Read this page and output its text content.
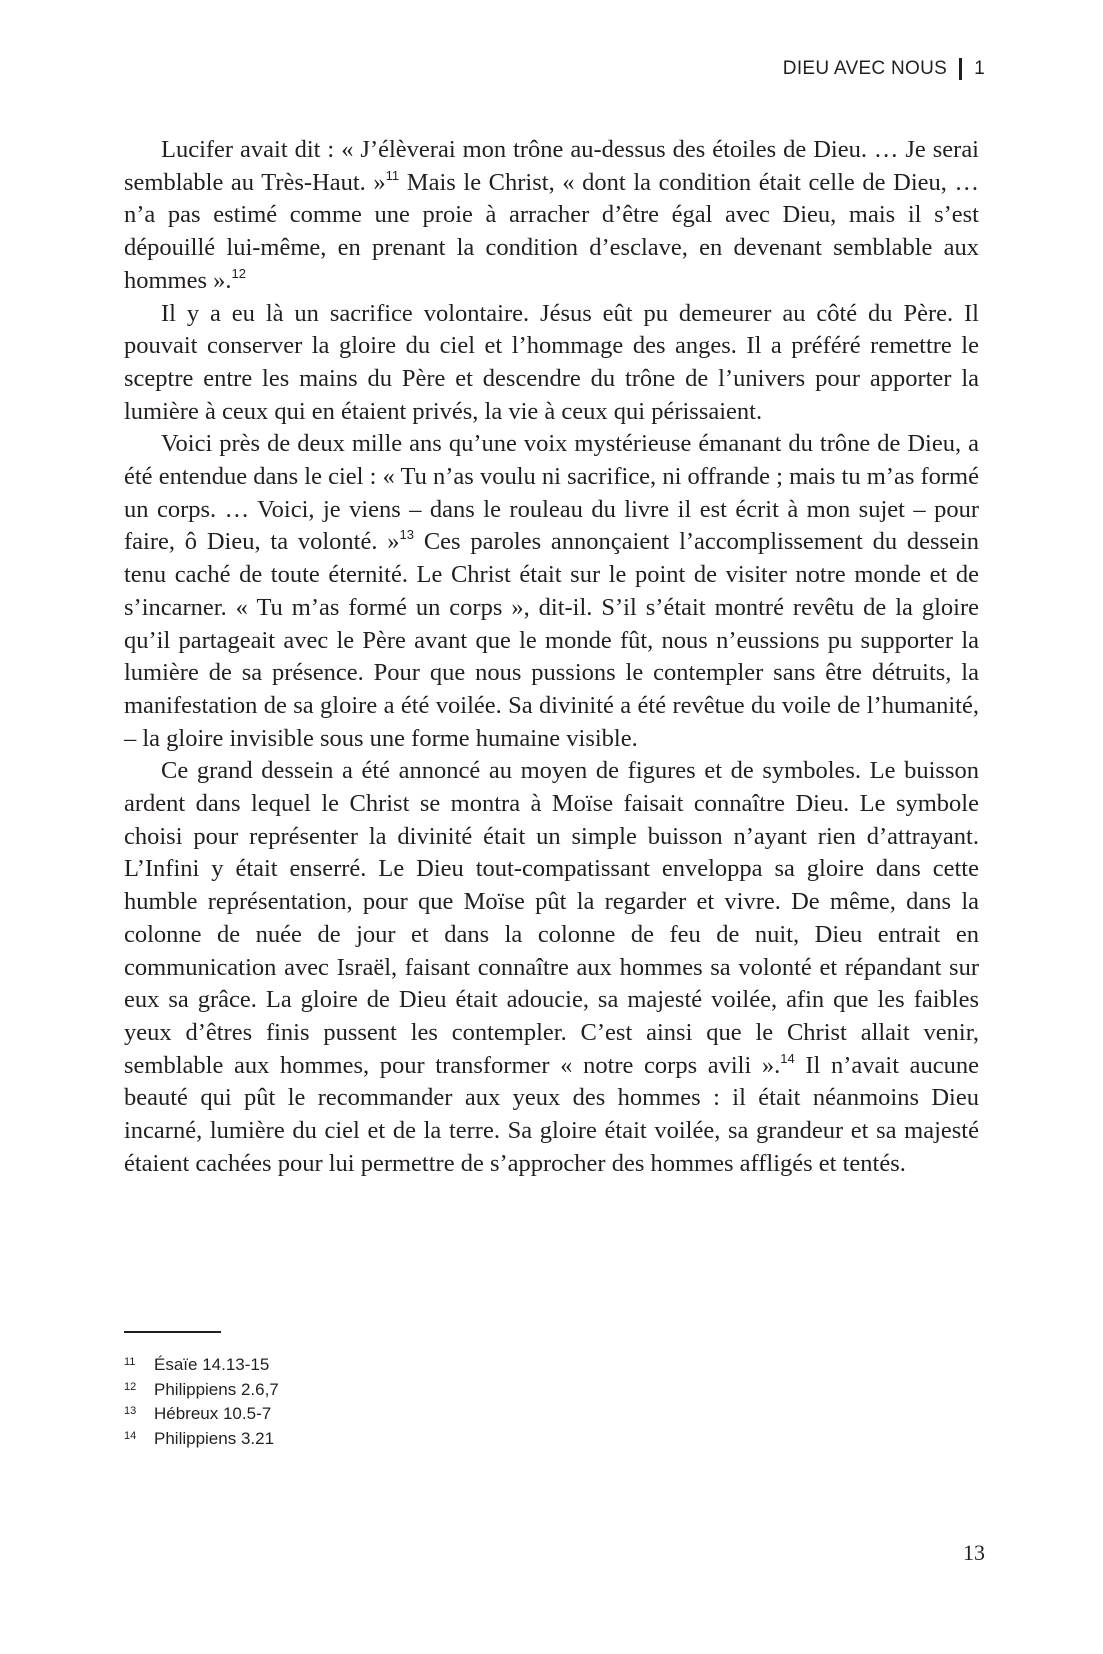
DIEU AVEC NOUS 1

Lucifer avait dit : « J’élèverai mon trône au-dessus des étoiles de Dieu. … Je serai semblable au Très-Haut. »$^{11}$ Mais le Christ, « dont la condition était celle de Dieu, … n’a pas estimé comme une proie à arracher d’être égal avec Dieu, mais il s’est dépouillé lui-même, en prenant la condition d’esclave, en devenant semblable aux hommes ».$^{12}$

Il y a eu là un sacrifice volontaire. Jésus eût pu demeurer au côté du Père. Il pouvait conserver la gloire du ciel et l’hommage des anges. Il a préféré remettre le sceptre entre les mains du Père et descendre du trône de l’univers pour apporter la lumière à ceux qui en étaient privés, la vie à ceux qui périssaient.

Voici près de deux mille ans qu’une voix mystérieuse émanant du trône de Dieu, a été entendue dans le ciel : « Tu n’as voulu ni sacrifice, ni offrande ; mais tu m’as formé un corps. … Voici, je viens – dans le rouleau du livre il est écrit à mon sujet – pour faire, ô Dieu, ta volonté. »$^{13}$ Ces paroles annonçaient l’accomplissement du dessein tenu caché de toute éternité. Le Christ était sur le point de visiter notre monde et de s’incarner. « Tu m’as formé un corps », dit-il. S’il s’était montré revêtu de la gloire qu’il partageait avec le Père avant que le monde fût, nous n’eussions pu supporter la lumière de sa présence. Pour que nous pussions le contempler sans être détruits, la manifestation de sa gloire a été voilée. Sa divinité a été revêtue du voile de l’humanité, – la gloire invisible sous une forme humaine visible.

Ce grand dessein a été annoncé au moyen de figures et de symboles. Le buisson ardent dans lequel le Christ se montra à Moïse faisait connaître Dieu. Le symbole choisi pour représenter la divinité était un simple buisson n’ayant rien d’attrayant. L’Infini y était enserré. Le Dieu tout-compatissant enveloppa sa gloire dans cette humble représentation, pour que Moïse pût la regarder et vivre. De même, dans la colonne de nuée de jour et dans la colonne de feu de nuit, Dieu entrait en communication avec Israël, faisant connaître aux hommes sa volonté et répandant sur eux sa grâce. La gloire de Dieu était adoucie, sa majesté voilée, afin que les faibles yeux d’êtres finis pussent les contempler. C’est ainsi que le Christ allait venir, semblable aux hommes, pour transformer « notre corps avili ».$^{14}$ Il n’avait aucune beauté qui pût le recommander aux yeux des hommes : il était néanmoins Dieu incarné, lumière du ciel et de la terre. Sa gloire était voilée, sa grandeur et sa majesté étaient cachées pour lui permettre de s’approcher des hommes affligés et tentés.

11	Ésaïe 14.13-15
12	Philippiens 2.6,7
13	Hébreux 10.5-7
14	Philippiens 3.21
13
